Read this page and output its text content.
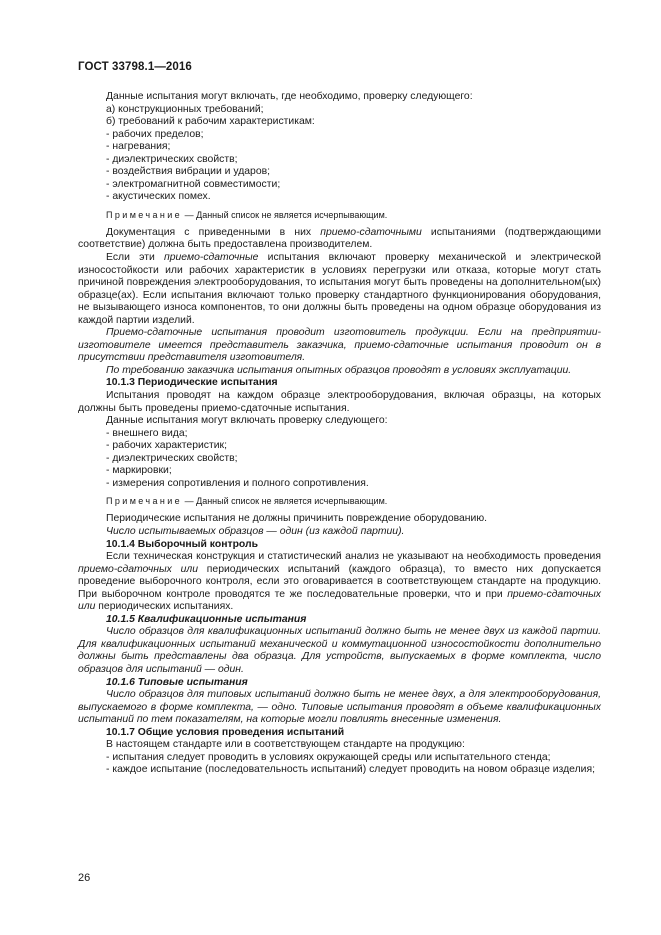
ГОСТ 33798.1—2016

Данные испытания могут включать, где необходимо, проверку следующего:

а) конструкционных требований;

б) требований к рабочим характеристикам:

- рабочих пределов;

- нагревания;

- диэлектрических свойств;

- воздействия вибрации и ударов;

- электромагнитной совместимости;

- акустических помех.

Примечание — Данный список не является исчерпывающим.

Документация с приведенными в них приемо-сдаточными испытаниями (подтверждающими соответствие) должна быть предоставлена производителем.

Если эти приемо-сдаточные испытания включают проверку механической и электрической износостойкости или рабочих характеристик в условиях перегрузки или отказа, которые могут стать причиной повреждения электрооборудования, то испытания могут быть проведены на дополнительном(ых) образце(ах). Если испытания включают только проверку стандартного функционирования оборудования, не вызывающего износа компонентов, то они должны быть проведены на одном образце оборудования из каждой партии изделий.

Приемо-сдаточные испытания проводит изготовитель продукции. Если на предприятии-изготовителе имеется представитель заказчика, приемо-сдаточные испытания проводит он в присутствии представителя изготовителя.

По требованию заказчика испытания опытных образцов проводят в условиях эксплуатации.

10.1.3 Периодические испытания

Испытания проводят на каждом образце электрооборудования, включая образцы, на которых должны быть проведены приемо-сдаточные испытания.

Данные испытания могут включать проверку следующего:

- внешнего вида;

- рабочих характеристик;

- диэлектрических свойств;

- маркировки;

- измерения сопротивления и полного сопротивления.

Примечание — Данный список не является исчерпывающим.

Периодические испытания не должны причинить повреждение оборудованию.

Число испытываемых образцов — один (из каждой партии).

10.1.4 Выборочный контроль

Если техническая конструкция и статистический анализ не указывают на необходимость проведения приемо-сдаточных или периодических испытаний (каждого образца), то вместо них допускается проведение выборочного контроля, если это оговаривается в соответствующем стандарте на продукцию. При выборочном контроле проводятся те же последовательные проверки, что и при приемо-сдаточных или периодических испытаниях.

10.1.5 Квалификационные испытания

Число образцов для квалификационных испытаний должно быть не менее двух из каждой партии. Для квалификационных испытаний механической и коммутационной износостойкости дополнительно должны быть представлены два образца. Для устройств, выпускаемых в форме комплекта, число образцов для испытаний — один.

10.1.6 Типовые испытания

Число образцов для типовых испытаний должно быть не менее двух, а для электрооборудования, выпускаемого в форме комплекта, — одно. Типовые испытания проводят в объеме квалификационных испытаний по тем показателям, на которые могли повлиять внесенные изменения.

10.1.7 Общие условия проведения испытаний

В настоящем стандарте или в соответствующем стандарте на продукцию:

- испытания следует проводить в условиях окружающей среды или испытательного стенда;

- каждое испытание (последовательность испытаний) следует проводить на новом образце изделия;

26
